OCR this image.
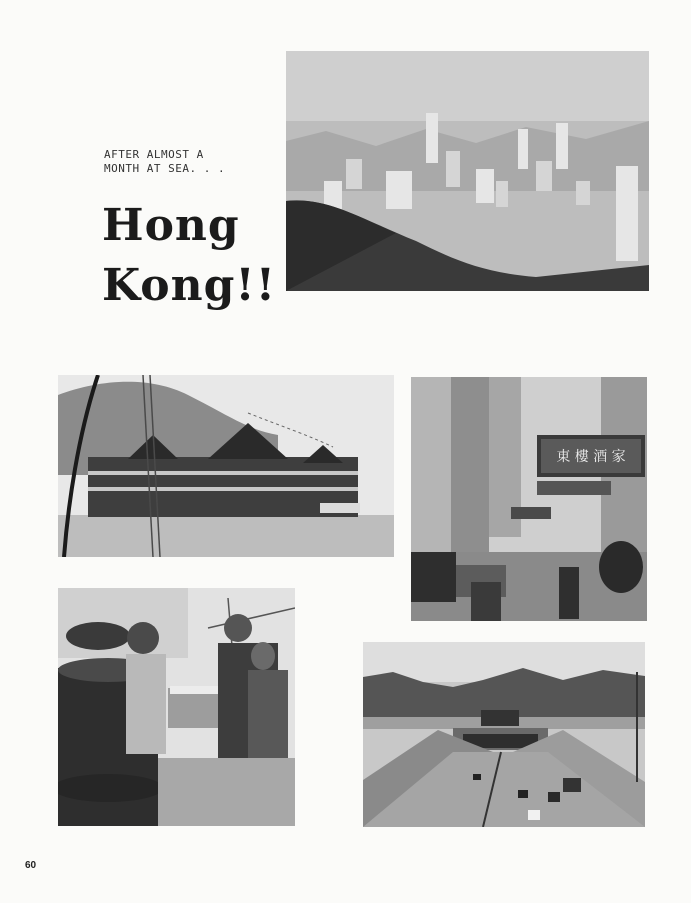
AFTER ALMOST A
MONTH AT SEA. . .
Hong
Kong!!
東 樓 酒 家
60
